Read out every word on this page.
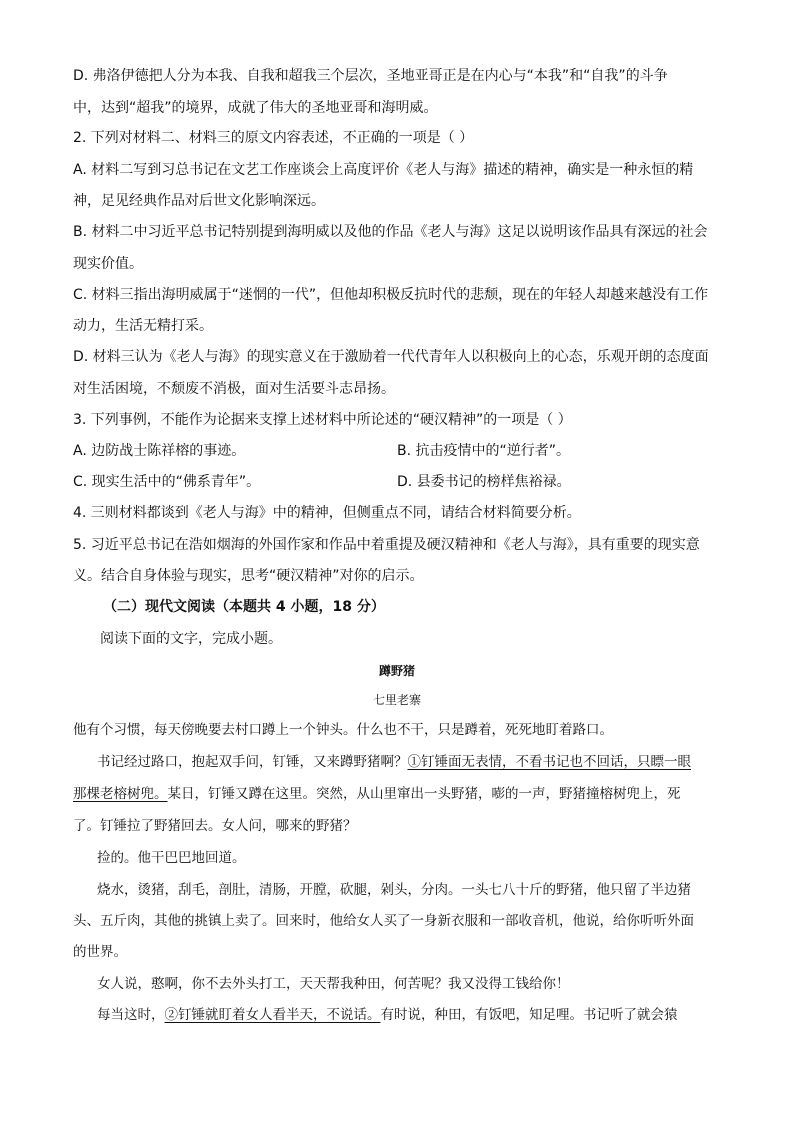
D. 弗洛伊德把人分为本我、自我和超我三个层次，圣地亚哥正是在内心与“本我”和“自我”的斗争
中，达到“超我”的境界，成就了伟大的圣地亚哥和海明威。
2. 下列对材料二、材料三的原文内容表述，不正确的一项是（ ）
A. 材料二写到习总书记在文艺工作座谈会上高度评价《老人与海》描述的精神，确实是一种永恒的精
神，足见经典作品对后世文化影响深远。
B. 材料二中习近平总书记特别提到海明威以及他的作品《老人与海》这足以说明该作品具有深远的社会
现实价值。
C. 材料三指出海明威属于“迷惘的一代”，但他却积极反抗时代的悲颓，现在的年轻人却越来越没有工作
动力，生活无精打采。
D. 材料三认为《老人与海》的现实意义在于激励着一代代青年人以积极向上的心态，乐观开朗的态度面
对生活困境，不颓废不消极，面对生活要斗志昂扬。
3. 下列事例，不能作为论据来支撑上述材料中所论述的“硬汉精神”的一项是（ ）
A. 边防战士陈祥榕的事迹。	B. 抗击疫情中的“逆行者”。
C. 现实生活中的“佛系青年”。	D. 县委书记的榜样焦裕禄。
4. 三则材料都谈到《老人与海》中的精神，但侧重点不同，请结合材料简要分析。
5. 习近平总书记在浩如烟海的外国作家和作品中着重提及硬汉精神和《老人与海》，具有重要的现实意
义。结合自身体验与现实，思考“硬汉精神”对你的启示。
（二）现代文阅读（本题共 4 小题，18 分）
阅读下面的文字，完成小题。
蹲野猪
七里老寨
他有个习惯，每天傍晚要去村口蹲上一个钟头。什么也不干，只是蹲着，死死地盯着路口。
书记经过路口，抱起双手问，钉锤，又来蹲野猪啊？①钉锤面无表情，不看书记也不回话，只瞟一眼
那棵老榕树兜。某日，钉锤又蹲在这里。突然，从山里窜出一头野猪，嘭的一声，野猪撞榕树兜上，死
了。钉锤拉了野猪回去。女人问，哪来的野猪？
捡的。他干巴巴地回道。
烧水，烫猪，刮毛，剖肚，清肠，开膛，砍腿，剁头，分肉。一头七八十斤的野猪，他只留了半边猪
头、五斤肉，其他的挑镇上卖了。回来时，他给女人买了一身新衣服和一部收音机，他说，给你听听外面
的世界。
女人说，憨啊，你不去外头打工，天天帮我种田，何苦呢？我又没得工钱给你！
每当这时，②钉锤就盯着女人看半天，不说话。有时说，种田，有饭吧，知足哩。书记听了就会猿
